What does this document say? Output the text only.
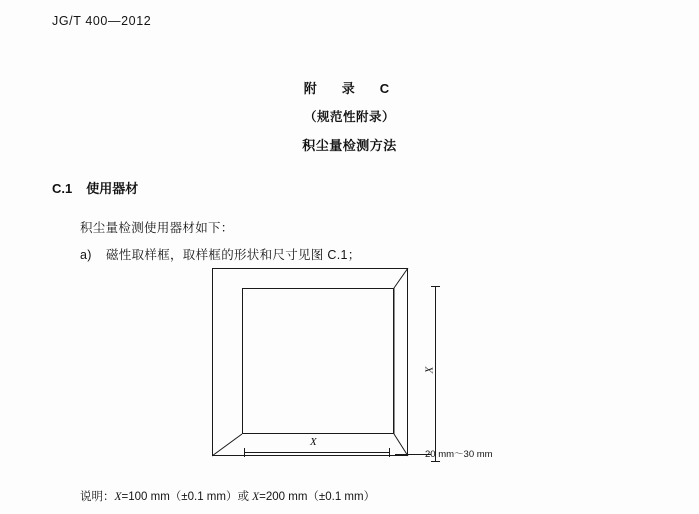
JG/T 400—2012
附　录　C
（规范性附录）
积尘量检测方法
C.1 使用器材
积尘量检测使用器材如下：
a) 磁性取样框，取样框的形状和尺寸见图 C.1；
X
X
20 mm～30 mm
说明：X=100 mm（±0.1 mm）或 X=200 mm（±0.1 mm）
